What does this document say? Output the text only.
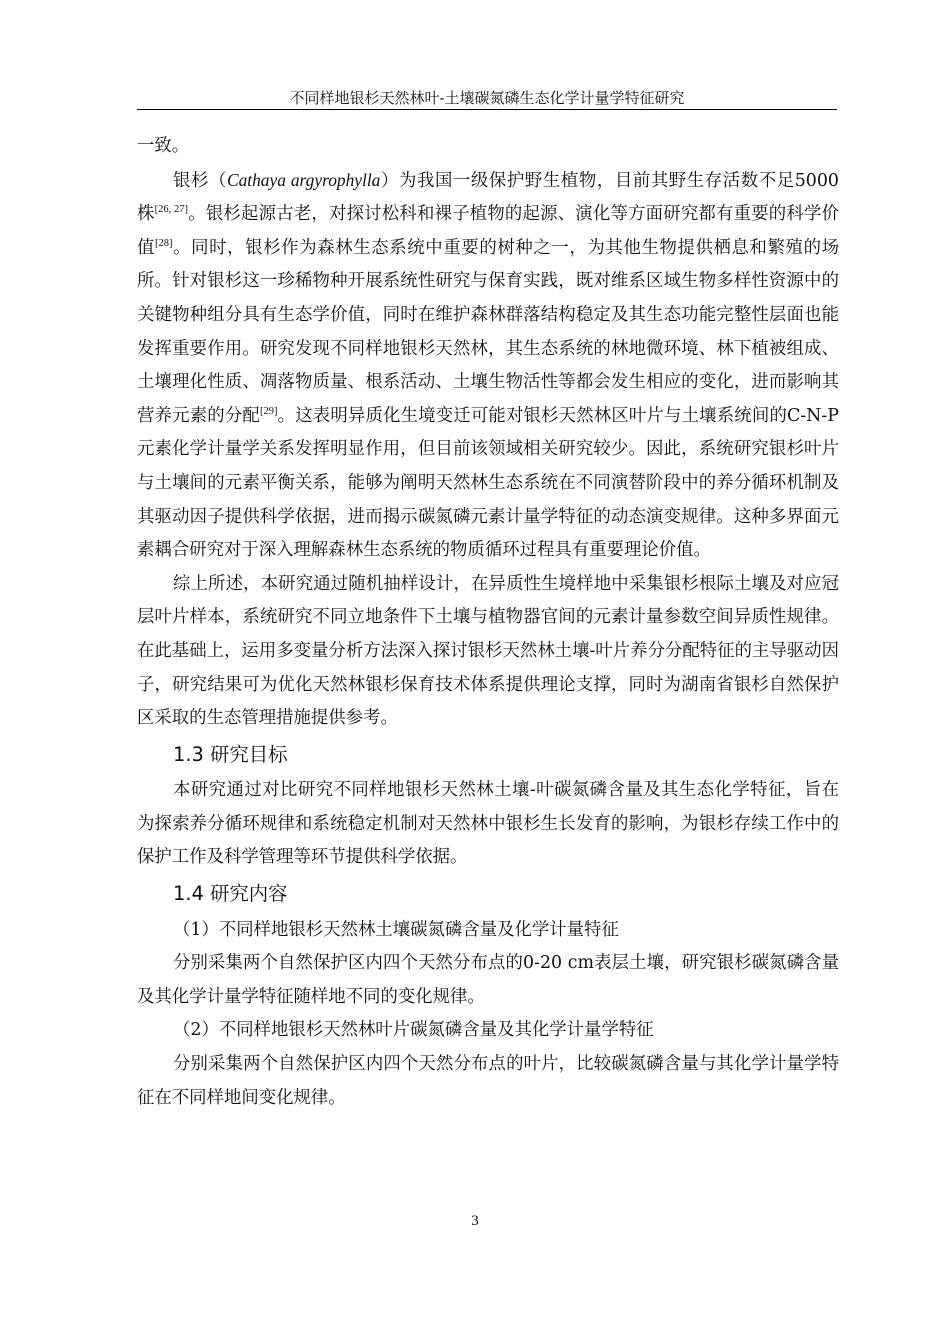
不同样地银杉天然林叶-土壤碳氮磷生态化学计量学特征研究

一致。

银杉（Cathaya argyrophylla）为我国一级保护野生植物，目前其野生存活数不足5000株[26, 27]。银杉起源古老，对探讨松科和裸子植物的起源、演化等方面研究都有重要的科学价值[28]。同时，银杉作为森林生态系统中重要的树种之一，为其他生物提供栖息和繁殖的场所。针对银杉这一珍稀物种开展系统性研究与保育实践，既对维系区域生物多样性资源中的关键物种组分具有生态学价值，同时在维护森林群落结构稳定及其生态功能完整性层面也能发挥重要作用。研究发现不同样地银杉天然林，其生态系统的林地微环境、林下植被组成、土壤理化性质、凋落物质量、根系活动、土壤生物活性等都会发生相应的变化，进而影响其营养元素的分配[29]。这表明异质化生境变迁可能对银杉天然林区叶片与土壤系统间的C-N-P元素化学计量学关系发挥明显作用，但目前该领域相关研究较少。因此，系统研究银杉叶片与土壤间的元素平衡关系，能够为阐明天然林生态系统在不同演替阶段中的养分循环机制及其驱动因子提供科学依据，进而揭示碳氮磷元素计量学特征的动态演变规律。这种多界面元素耦合研究对于深入理解森林生态系统的物质循环过程具有重要理论价值。

综上所述，本研究通过随机抽样设计，在异质性生境样地中采集银杉根际土壤及对应冠层叶片样本，系统研究不同立地条件下土壤与植物器官间的元素计量参数空间异质性规律。在此基础上，运用多变量分析方法深入探讨银杉天然林土壤-叶片养分分配特征的主导驱动因子，研究结果可为优化天然林银杉保育技术体系提供理论支撑，同时为湖南省银杉自然保护区采取的生态管理措施提供参考。

1.3 研究目标

本研究通过对比研究不同样地银杉天然林土壤-叶碳氮磷含量及其生态化学特征，旨在为探索养分循环规律和系统稳定机制对天然林中银杉生长发育的影响，为银杉存续工作中的保护工作及科学管理等环节提供科学依据。

1.4 研究内容

（1）不同样地银杉天然林土壤碳氮磷含量及化学计量特征

分别采集两个自然保护区内四个天然分布点的0-20 cm表层土壤，研究银杉碳氮磷含量及其化学计量学特征随样地不同的变化规律。

（2）不同样地银杉天然林叶片碳氮磷含量及其化学计量学特征

分别采集两个自然保护区内四个天然分布点的叶片，比较碳氮磷含量与其化学计量学特征在不同样地间变化规律。

3
